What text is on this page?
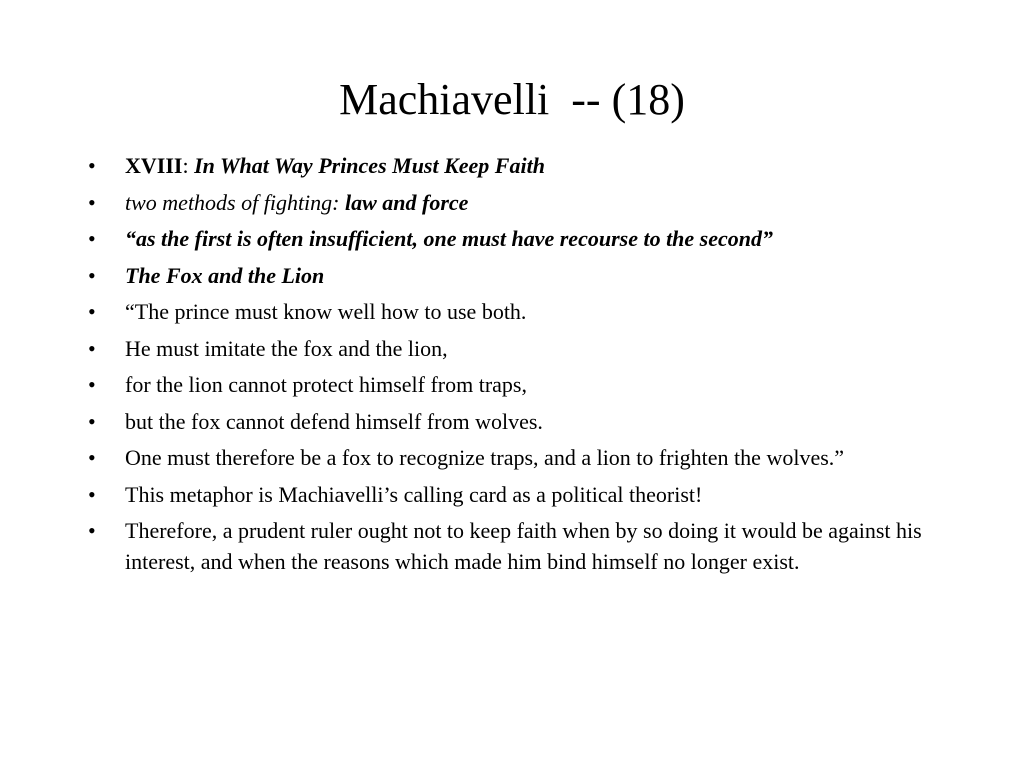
Machiavelli  -- (18)
• XVIII: In What Way Princes Must Keep Faith
• two methods of fighting: law and force
• “as the first is often insufficient, one must have recourse to the second”
• The Fox and the Lion
• “The prince must know well how to use both.
• He must imitate the fox and the lion,
• for the lion cannot protect himself from traps,
• but the fox cannot defend himself from wolves.
• One must therefore be a fox to recognize traps, and a lion to frighten the wolves.”
• This metaphor is Machiavelli’s calling card as a political theorist!
• Therefore, a prudent ruler ought not to keep faith when by so doing it would be against his interest, and when the reasons which made him bind himself no longer exist.
